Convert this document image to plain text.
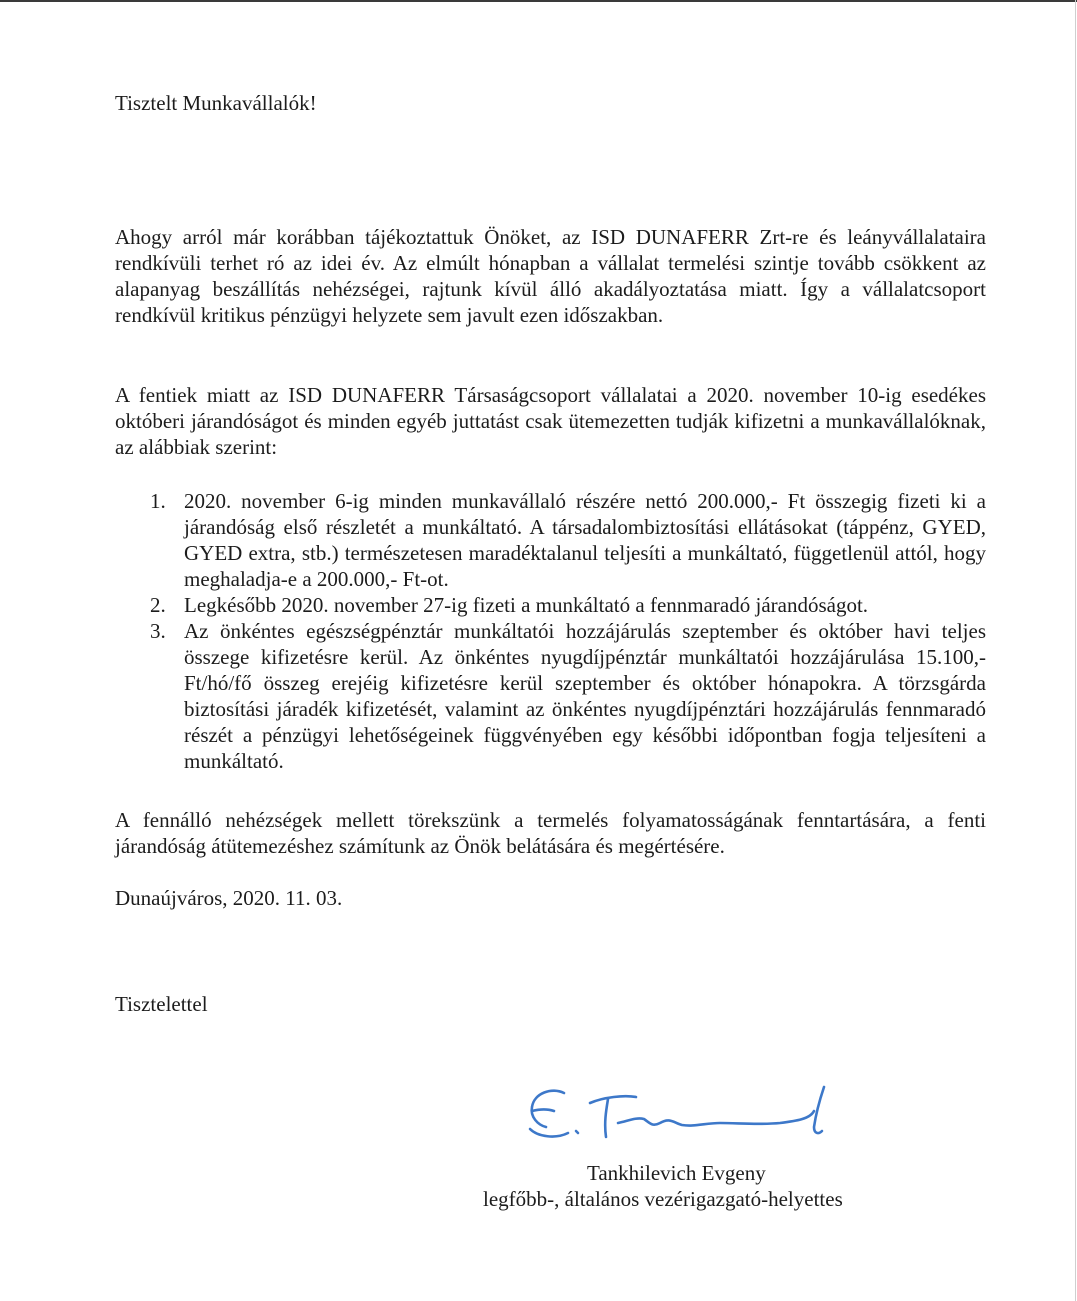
Tisztelt Munkavállalók!

Ahogy arról már korábban tájékoztattuk Önöket, az ISD DUNAFERR Zrt-re és leányvállalataira rendkívüli terhet ró az idei év. Az elmúlt hónapban a vállalat termelési szintje tovább csökkent az alapanyag beszállítás nehézségei, rajtunk kívül álló akadályoztatása miatt. Így a vállalatcsoport rendkívül kritikus pénzügyi helyzete sem javult ezen időszakban.

A fentiek miatt az ISD DUNAFERR Társaságcsoport vállalatai a 2020. november 10-ig esedékes októberi járandóságot és minden egyéb juttatást csak ütemezetten tudják kifizetni a munkavállalóknak, az alábbiak szerint:

1. 2020. november 6-ig minden munkavállaló részére nettó 200.000,- Ft összegig fizeti ki a járandóság első részletét a munkáltató. A társadalombiztosítási ellátásokat (táppénz, GYED, GYED extra, stb.) természetesen maradéktalanul teljesíti a munkáltató, függetlenül attól, hogy meghaladja-e a 200.000,- Ft-ot.
2. Legkésőbb 2020. november 27-ig fizeti a munkáltató a fennmaradó járandóságot.
3. Az önkéntes egészségpénztár munkáltatói hozzájárulás szeptember és október havi teljes összege kifizetésre kerül. Az önkéntes nyugdíjpénztár munkáltatói hozzájárulása 15.100,- Ft/hó/fő összeg erejéig kifizetésre kerül szeptember és október hónapokra. A törzsgárda biztosítási járadék kifizetését, valamint az önkéntes nyugdíjpénztári hozzájárulás fennmaradó részét a pénzügyi lehetőségeinek függvényében egy későbbi időpontban fogja teljesíteni a munkáltató.

A fennálló nehézségek mellett törekszünk a termelés folyamatosságának fenntartására, a fenti járandóság átütemezéshez számítunk az Önök belátására és megértésére.

Dunaújváros, 2020. 11. 03.

Tisztelettel

Tankhilevich Evgeny

legfőbb-, általános vezérigazgató-helyettes
